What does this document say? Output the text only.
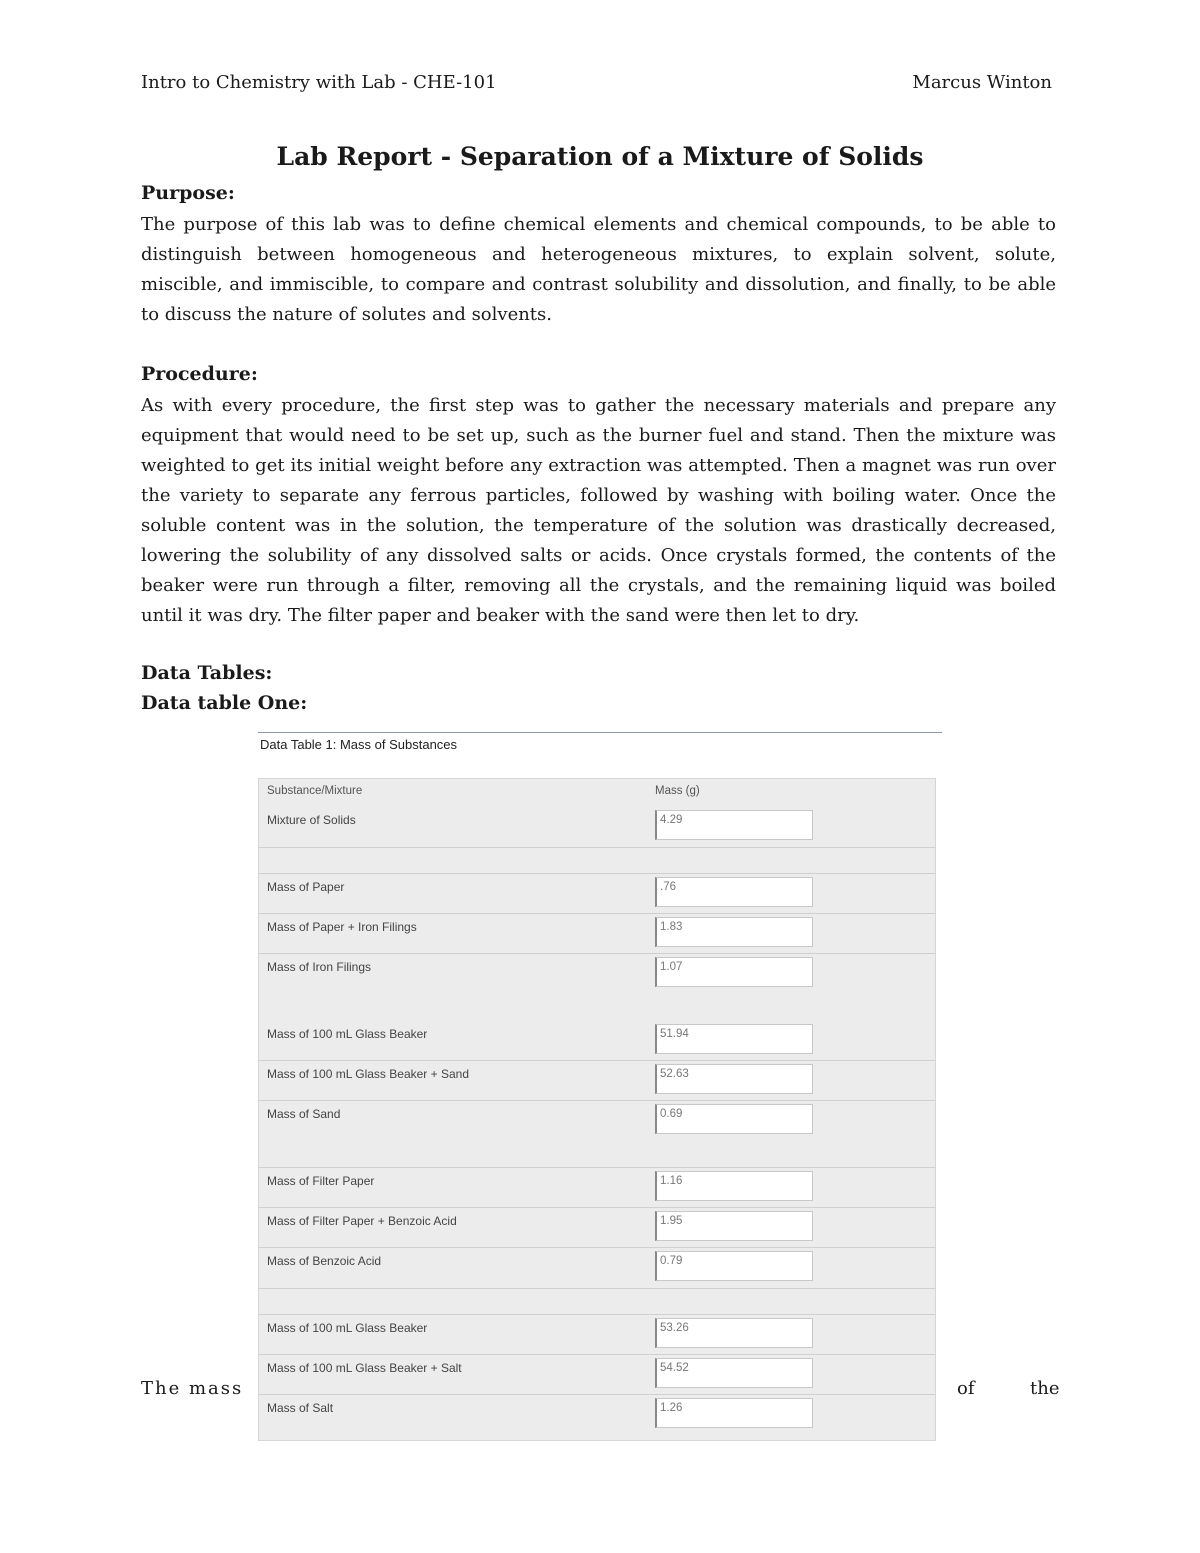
Intro to Chemistry with Lab - CHE-101	Marcus Winton
Lab Report - Separation of a Mixture of Solids
Purpose:

The purpose of this lab was to define chemical elements and chemical compounds, to be able to distinguish between homogeneous and heterogeneous mixtures, to explain solvent, solute, miscible, and immiscible, to compare and contrast solubility and dissolution, and finally, to be able to discuss the nature of solutes and solvents.

Procedure:

As with every procedure, the first step was to gather the necessary materials and prepare any equipment that would need to be set up, such as the burner fuel and stand. Then the mixture was weighted to get its initial weight before any extraction was attempted. Then a magnet was run over the variety to separate any ferrous particles, followed by washing with boiling water. Once the soluble content was in the solution, the temperature of the solution was drastically decreased, lowering the solubility of any dissolved salts or acids. Once crystals formed, the contents of the beaker were run through a filter, removing all the crystals, and the remaining liquid was boiled until it was dry. The filter paper and beaker with the sand were then let to dry.

Data Tables:
Data table One:
Data Table 1: Mass of Substances
Substance/Mixture	Mass (g)
Mixture of Solids	4.29
Mass of Paper	.76
Mass of Paper + Iron Filings	1.83
Mass of Iron Filings	1.07
Mass of 100 mL Glass Beaker	51.94
Mass of 100 mL Glass Beaker + Sand	52.63
Mass of Sand	0.69
Mass of Filter Paper	1.16
Mass of Filter Paper + Benzoic Acid	1.95
Mass of Benzoic Acid	0.79
Mass of 100 mL Glass Beaker	53.26
Mass of 100 mL Glass Beaker + Salt	54.52
Mass of Salt	1.26
The mass	of	the
